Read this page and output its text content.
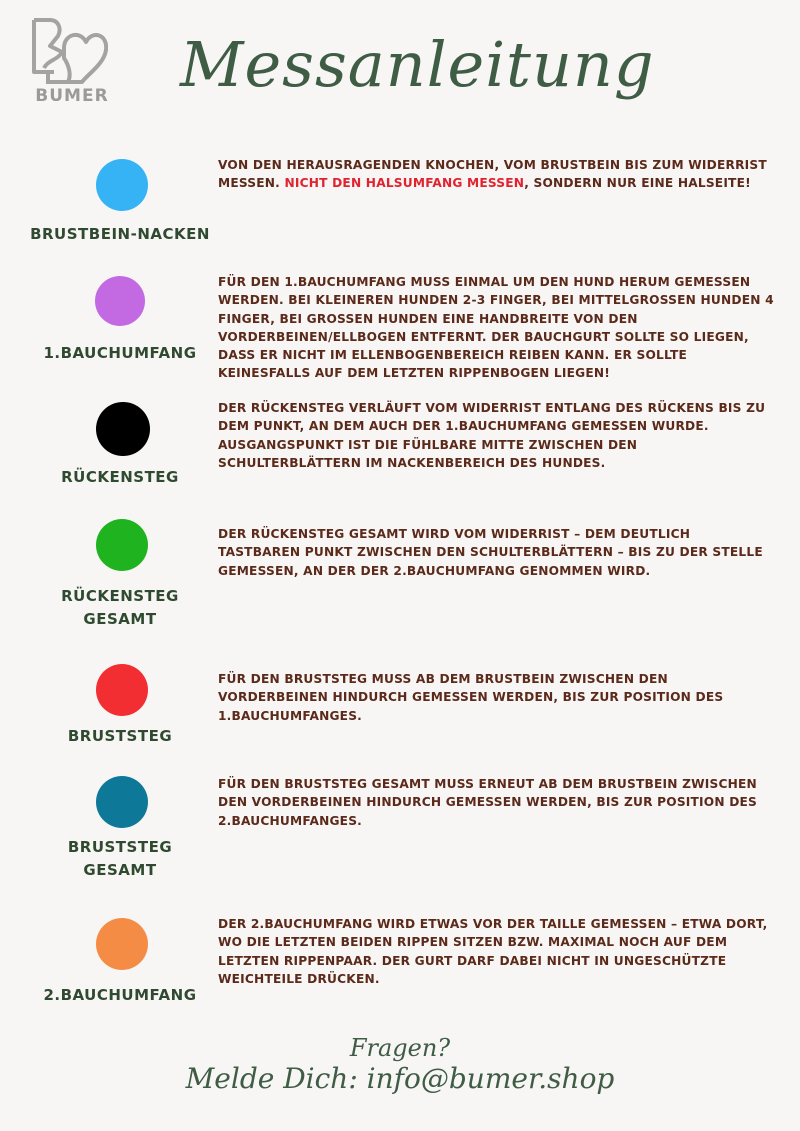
BUMER Messanleitung
BRUSTBEIN-NACKEN
VON DEN HERAUSRAGENDEN KNOCHEN, VOM BRUSTBEIN BIS ZUM WIDERRIST MESSEN. NICHT DEN HALSUMFANG MESSEN, SONDERN NUR EINE HALSEITE!
1.BAUCHUMFANG
FÜR DEN 1.BAUCHUMFANG MUSS EINMAL UM DEN HUND HERUM GEMESSEN WERDEN. BEI KLEINEREN HUNDEN 2-3 FINGER, BEI MITTELGROSSEN HUNDEN 4 FINGER, BEI GROSSEN HUNDEN EINE HANDBREITE VON DEN VORDERBEINEN/ELLBOGEN ENTFERNT. DER BAUCHGURT SOLLTE SO LIEGEN, DASS ER NICHT IM ELLENBOGENBEREICH REIBEN KANN. ER SOLLTE KEINESFALLS AUF DEM LETZTEN RIPPENBOGEN LIEGEN!
RÜCKENSTEG
DER RÜCKENSTEG VERLÄUFT VOM WIDERRIST ENTLANG DES RÜCKENS BIS ZU DEM PUNKT, AN DEM AUCH DER 1.BAUCHUMFANG GEMESSEN WURDE. AUSGANGSPUNKT IST DIE FÜHLBARE MITTE ZWISCHEN DEN SCHULTERBLÄTTERN IM NACKENBEREICH DES HUNDES.
RÜCKENSTEG
GESAMT
DER RÜCKENSTEG GESAMT WIRD VOM WIDERRIST – DEM DEUTLICH TASTBAREN PUNKT ZWISCHEN DEN SCHULTERBLÄTTERN – BIS ZU DER STELLE GEMESSEN, AN DER DER 2.BAUCHUMFANG GENOMMEN WIRD.
BRUSTSTEG
FÜR DEN BRUSTSTEG MUSS AB DEM BRUSTBEIN ZWISCHEN DEN VORDERBEINEN HINDURCH GEMESSEN WERDEN, BIS ZUR POSITION DES 1.BAUCHUMFANGES.
BRUSTSTEG
GESAMT
FÜR DEN BRUSTSTEG GESAMT MUSS ERNEUT AB DEM BRUSTBEIN ZWISCHEN DEN VORDERBEINEN HINDURCH GEMESSEN WERDEN, BIS ZUR POSITION DES 2.BAUCHUMFANGES.
2.BAUCHUMFANG
DER 2.BAUCHUMFANG WIRD ETWAS VOR DER TAILLE GEMESSEN – ETWA DORT, WO DIE LETZTEN BEIDEN RIPPEN SITZEN BZW. MAXIMAL NOCH AUF DEM LETZTEN RIPPENPAAR. DER GURT DARF DABEI NICHT IN UNGESCHÜTZTE WEICHTEILE DRÜCKEN.
Fragen?
Melde Dich: info@bumer.shop
